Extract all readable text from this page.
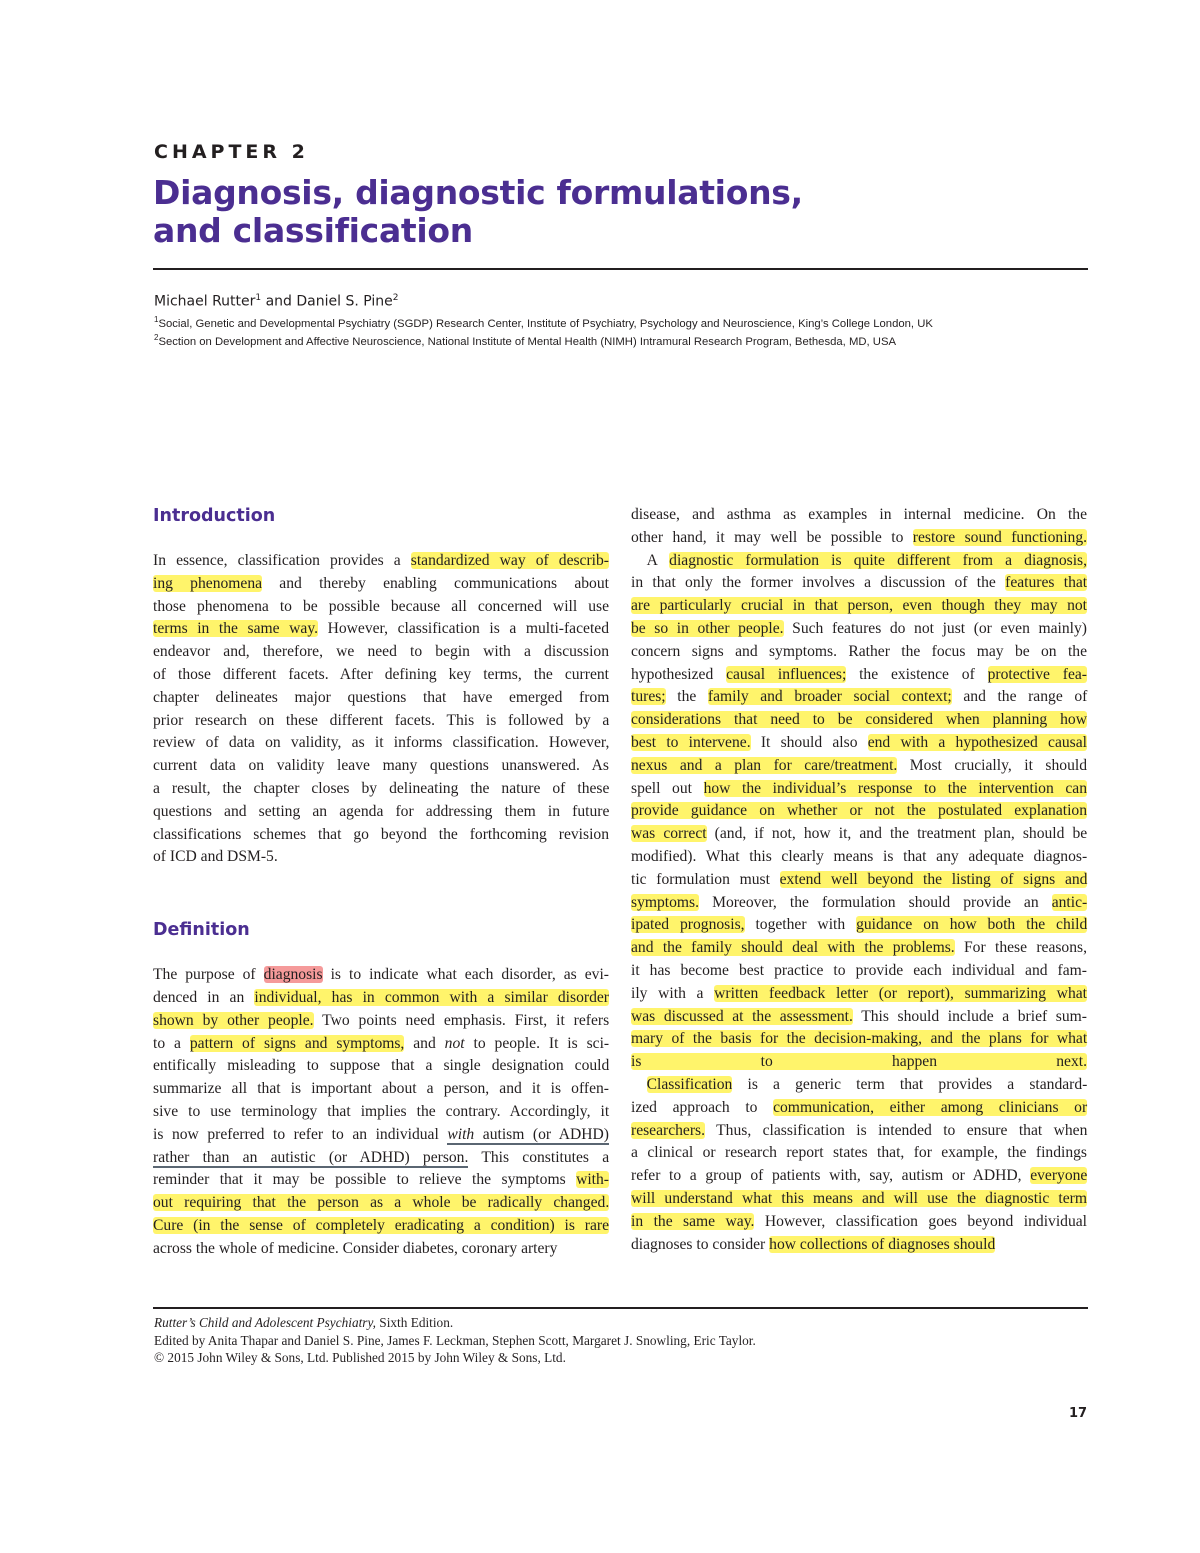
CHAPTER 2
Diagnosis, diagnostic formulations,
and classification
Michael Rutter$^1$ and Daniel S. Pine$^2$
$^1$Social, Genetic and Developmental Psychiatry (SGDP) Research Center, Institute of Psychiatry, Psychology and Neuroscience, King’s College London, UK
$^2$Section on Development and Affective Neuroscience, National Institute of Mental Health (NIMH) Intramural Research Program, Bethesda, MD, USA
Introduction
In essence, classification provides a standardized way of describ-
ing phenomena and thereby enabling communications about
those phenomena to be possible because all concerned will use
terms in the same way. However, classification is a multi-faceted
endeavor and, therefore, we need to begin with a discussion
of those different facets. After defining key terms, the current
chapter delineates major questions that have emerged from
prior research on these different facets. This is followed by a
review of data on validity, as it informs classification. However,
current data on validity leave many questions unanswered. As
a result, the chapter closes by delineating the nature of these
questions and setting an agenda for addressing them in future
classifications schemes that go beyond the forthcoming revision
of ICD and DSM-5.
Definition
The purpose of diagnosis is to indicate what each disorder, as evi-
denced in an individual, has in common with a similar disorder
shown by other people. Two points need emphasis. First, it refers
to a pattern of signs and symptoms, and not to people. It is sci-
entifically misleading to suppose that a single designation could
summarize all that is important about a person, and it is offen-
sive to use terminology that implies the contrary. Accordingly, it
is now preferred to refer to an individual with autism (or ADHD)
rather than an autistic (or ADHD) person. This constitutes a
reminder that it may be possible to relieve the symptoms with-
out requiring that the person as a whole be radically changed.
Cure (in the sense of completely eradicating a condition) is rare
across the whole of medicine. Consider diabetes, coronary artery
disease, and asthma as examples in internal medicine. On the
other hand, it may well be possible to restore sound functioning.
 A diagnostic formulation is quite different from a diagnosis,
in that only the former involves a discussion of the features that
are particularly crucial in that person, even though they may not
be so in other people. Such features do not just (or even mainly)
concern signs and symptoms. Rather the focus may be on the
hypothesized causal influences; the existence of protective fea-
tures; the family and broader social context; and the range of
considerations that need to be considered when planning how
best to intervene. It should also end with a hypothesized causal
nexus and a plan for care/treatment. Most crucially, it should
spell out how the individual’s response to the intervention can
provide guidance on whether or not the postulated explanation
was correct (and, if not, how it, and the treatment plan, should be
modified). What this clearly means is that any adequate diagnos-
tic formulation must extend well beyond the listing of signs and
symptoms. Moreover, the formulation should provide an antic-
ipated prognosis, together with guidance on how both the child
and the family should deal with the problems. For these reasons,
it has become best practice to provide each individual and fam-
ily with a written feedback letter (or report), summarizing what
was discussed at the assessment. This should include a brief sum-
mary of the basis for the decision-making, and the plans for what
is to happen next.
 Classification is a generic term that provides a standard-
ized approach to communication, either among clinicians or
researchers. Thus, classification is intended to ensure that when
a clinical or research report states that, for example, the findings
refer to a group of patients with, say, autism or ADHD, everyone
will understand what this means and will use the diagnostic term
in the same way. However, classification goes beyond individual
diagnoses to consider how collections of diagnoses should
Rutter’s Child and Adolescent Psychiatry, Sixth Edition.
Edited by Anita Thapar and Daniel S. Pine, James F. Leckman, Stephen Scott, Margaret J. Snowling, Eric Taylor.
© 2015 John Wiley & Sons, Ltd. Published 2015 by John Wiley & Sons, Ltd.
17
